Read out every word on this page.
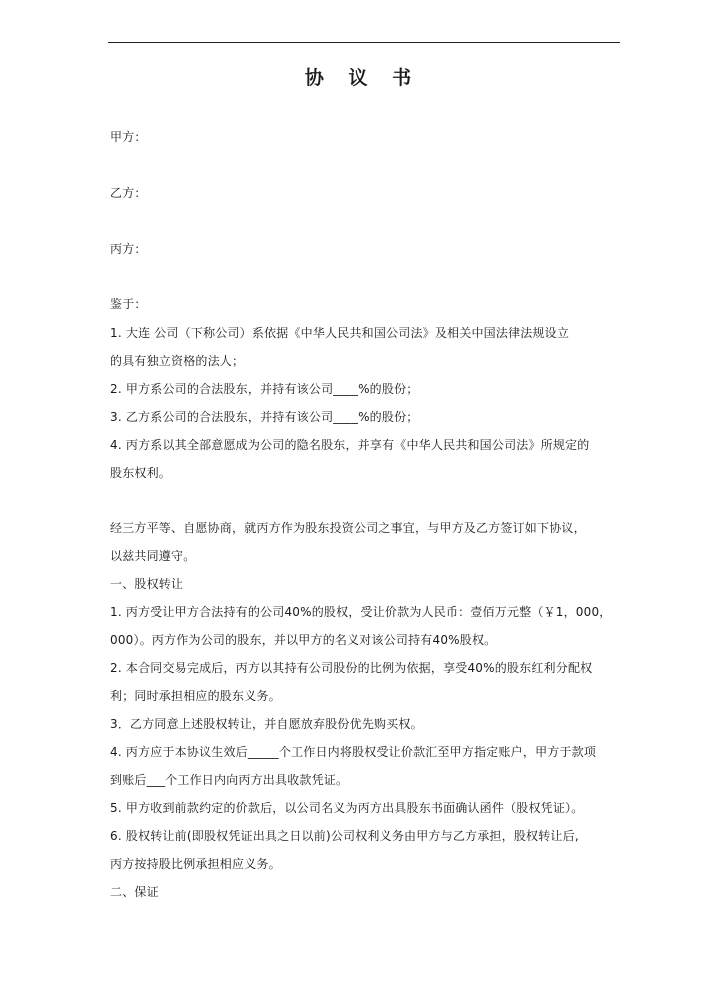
协 议 书
甲方：
乙方：
丙方：
鉴于：
1. 大连 公司（下称公司）系依据《中华人民共和国公司法》及相关中国法律法规设立
的具有独立资格的法人；
2. 甲方系公司的合法股东，并持有该公司____%的股份；
3. 乙方系公司的合法股东，并持有该公司____%的股份；
4. 丙方系以其全部意愿成为公司的隐名股东，并享有《中华人民共和国公司法》所规定的
股东权利。
经三方平等、自愿协商，就丙方作为股东投资公司之事宜，与甲方及乙方签订如下协议，
以兹共同遵守。
一、股权转让
1. 丙方受让甲方合法持有的公司40%的股权，受让价款为人民币：壹佰万元整（￥1，000，
000）。丙方作为公司的股东，并以甲方的名义对该公司持有40%股权。
2. 本合同交易完成后，丙方以其持有公司股份的比例为依据，享受40%的股东红利分配权
利；同时承担相应的股东义务。
3．乙方同意上述股权转让，并自愿放弃股份优先购买权。
4. 丙方应于本协议生效后_____个工作日内将股权受让价款汇至甲方指定账户，甲方于款项
到账后___个工作日内向丙方出具收款凭证。
5. 甲方收到前款约定的价款后，以公司名义为丙方出具股东书面确认函件（股权凭证）。
6. 股权转让前(即股权凭证出具之日以前)公司权利义务由甲方与乙方承担，股权转让后,
丙方按持股比例承担相应义务。
二、保证
